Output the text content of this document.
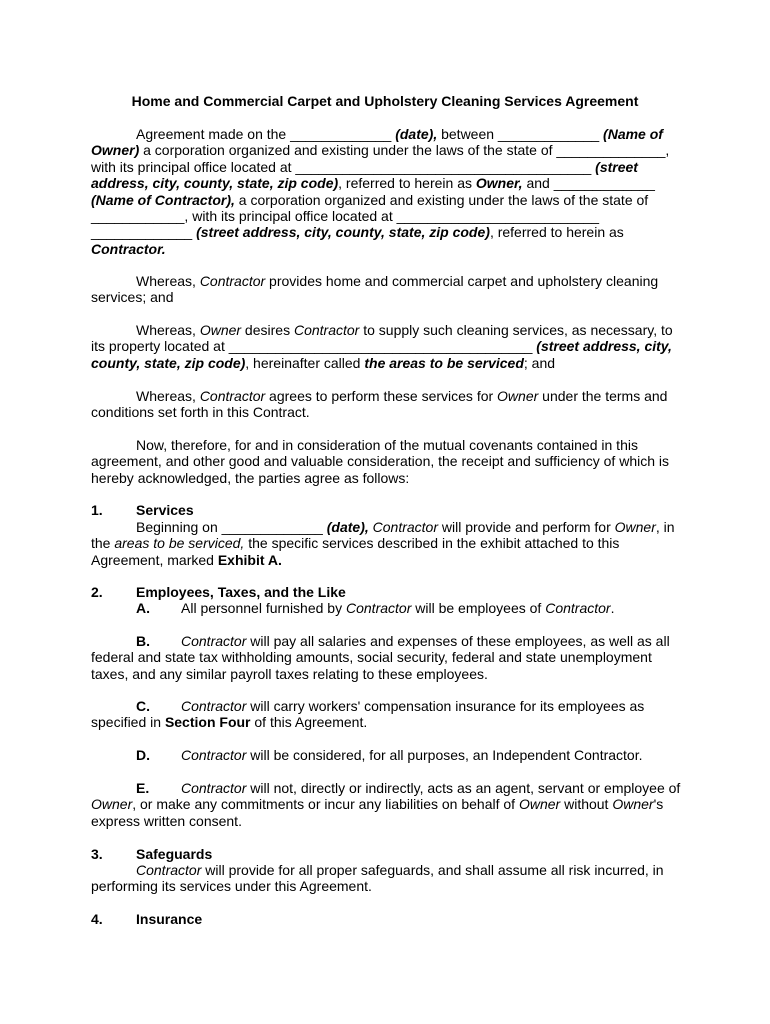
Home and Commercial Carpet and Upholstery Cleaning Services Agreement
Agreement made on the _____________ (date), between _____________ (Name of
Owner) a corporation organized and existing under the laws of the state of ______________,
with its principal office located at ______________________________________ (street
address, city, county, state, zip code), referred to herein as Owner, and _____________
(Name of Contractor), a corporation organized and existing under the laws of the state of
____________, with its principal office located at __________________________
_____________ (street address, city, county, state, zip code), referred to herein as
Contractor.
Whereas, Contractor provides home and commercial carpet and upholstery cleaning
services; and
Whereas, Owner desires Contractor to supply such cleaning services, as necessary, to
its property located at _______________________________________ (street address, city,
county, state, zip code), hereinafter called the areas to be serviced; and
Whereas, Contractor agrees to perform these services for Owner under the terms and
conditions set forth in this Contract.
Now, therefore, for and in consideration of the mutual covenants contained in this
agreement, and other good and valuable consideration, the receipt and sufficiency of which is
hereby acknowledged, the parties agree as follows:
1. Services
Beginning on _____________ (date), Contractor will provide and perform for Owner, in
the areas to be serviced, the specific services described in the exhibit attached to this
Agreement, marked Exhibit A.
2. Employees, Taxes, and the Like
A. All personnel furnished by Contractor will be employees of Contractor.
B. Contractor will pay all salaries and expenses of these employees, as well as all
federal and state tax withholding amounts, social security, federal and state unemployment
taxes, and any similar payroll taxes relating to these employees.
C. Contractor will carry workers' compensation insurance for its employees as
specified in Section Four of this Agreement.
D. Contractor will be considered, for all purposes, an Independent Contractor.
E. Contractor will not, directly or indirectly, acts as an agent, servant or employee of
Owner, or make any commitments or incur any liabilities on behalf of Owner without Owner's
express written consent.
3. Safeguards
Contractor will provide for all proper safeguards, and shall assume all risk incurred, in
performing its services under this Agreement.
4. Insurance
